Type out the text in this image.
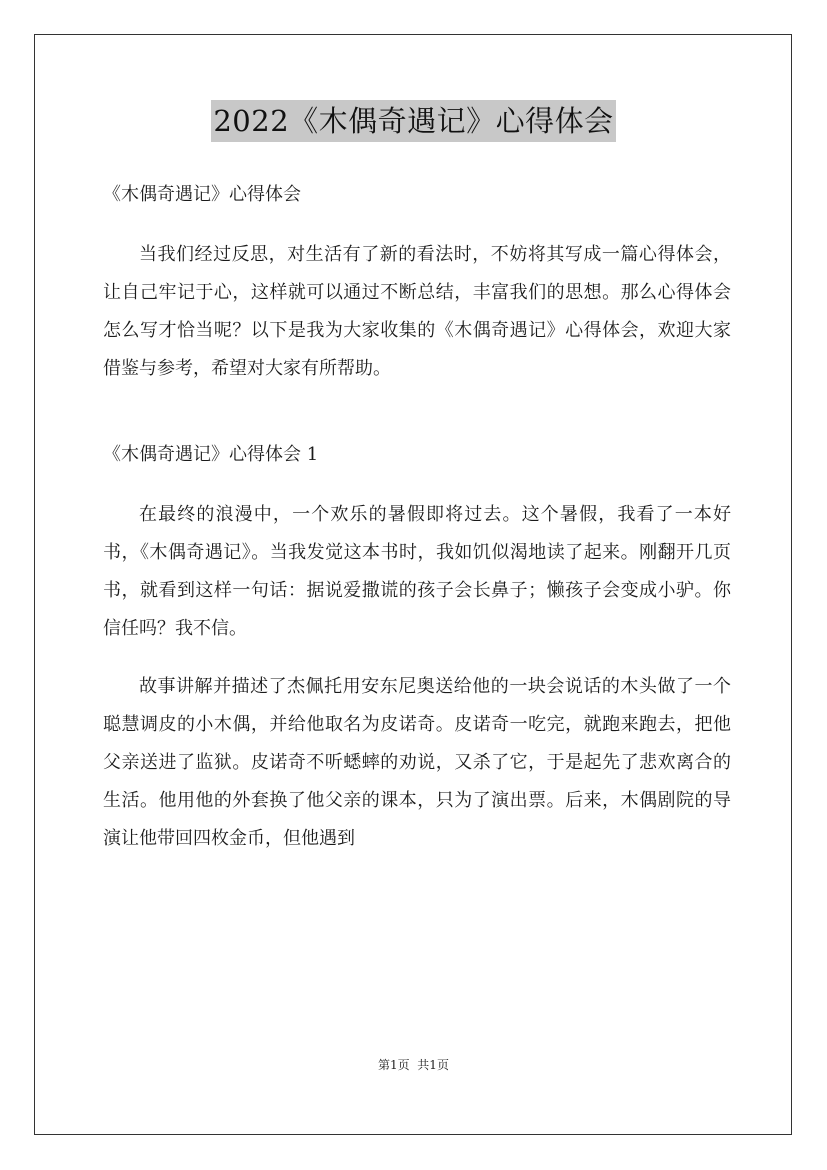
2022《木偶奇遇记》心得体会

《木偶奇遇记》心得体会

当我们经过反思，对生活有了新的看法时，不妨将其写成一篇心得体会，让自己牢记于心，这样就可以通过不断总结，丰富我们的思想。那么心得体会怎么写才恰当呢？以下是我为大家收集的《木偶奇遇记》心得体会，欢迎大家借鉴与参考，希望对大家有所帮助。

《木偶奇遇记》心得体会 1

在最终的浪漫中，一个欢乐的暑假即将过去。这个暑假，我看了一本好书，《木偶奇遇记》。当我发觉这本书时，我如饥似渴地读了起来。刚翻开几页书，就看到这样一句话：据说爱撒谎的孩子会长鼻子；懒孩子会变成小驴。你信任吗？我不信。

故事讲解并描述了杰佩托用安东尼奥送给他的一块会说话的木头做了一个聪慧调皮的小木偶，并给他取名为皮诺奇。皮诺奇一吃完，就跑来跑去，把他父亲送进了监狱。皮诺奇不听蟋蟀的劝说，又杀了它，于是起先了悲欢离合的生活。他用他的外套换了他父亲的课本，只为了演出票。后来，木偶剧院的导演让他带回四枚金币，但他遇到

第1页  共1页
